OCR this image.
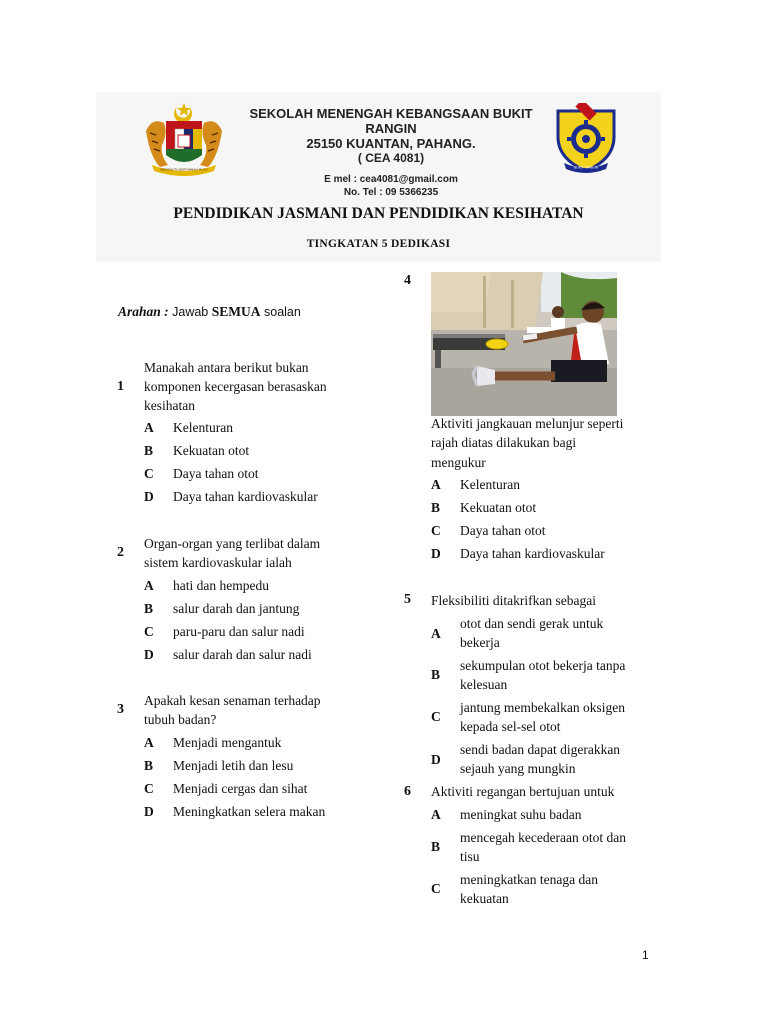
BERSEKUTU BERTAMBAH MUTU	BUKIT RANGIN
SEKOLAH MENENGAH KEBANGSAAN BUKIT RANGIN
25150 KUANTAN, PAHANG.
( CEA 4081)
E mel : cea4081@gmail.com
No. Tel : 09 5366235
PENDIDIKAN JASMANI DAN PENDIDIKAN KESIHATAN
TINGKATAN 5 DEDIKASI
Arahan : Jawab SEMUA soalan
1
Manakah antara berikut bukan
komponen kecergasan berasaskan
kesihatan
A Kelenturan
B Kekuatan otot
C Daya tahan otot
D Daya tahan kardiovaskular
2
Organ-organ yang terlibat dalam
sistem kardiovaskular ialah
A hati dan hempedu
B salur darah dan jantung
C paru-paru dan salur nadi
D salur darah dan salur nadi
3
Apakah kesan senaman terhadap
tubuh badan?
A Menjadi mengantuk
B Menjadi letih dan lesu
C Menjadi cergas dan sihat
D Meningkatkan selera makan
4
Aktiviti jangkauan melunjur seperti
rajah diatas dilakukan bagi
mengukur
A Kelenturan
B Kekuatan otot
C Daya tahan otot
D Daya tahan kardiovaskular
5 Fleksibiliti ditakrifkan sebagai
A
otot dan sendi gerak untuk
bekerja
B
sekumpulan otot bekerja tanpa
kelesuan
C
jantung membekalkan oksigen
kepada sel-sel otot
D
sendi badan dapat digerakkan
sejauh yang mungkin
6 Aktiviti regangan bertujuan untuk
A meningkat suhu badan
B
mencegah kecederaan otot dan
tisu
C
meningkatkan tenaga dan
kekuatan
1
